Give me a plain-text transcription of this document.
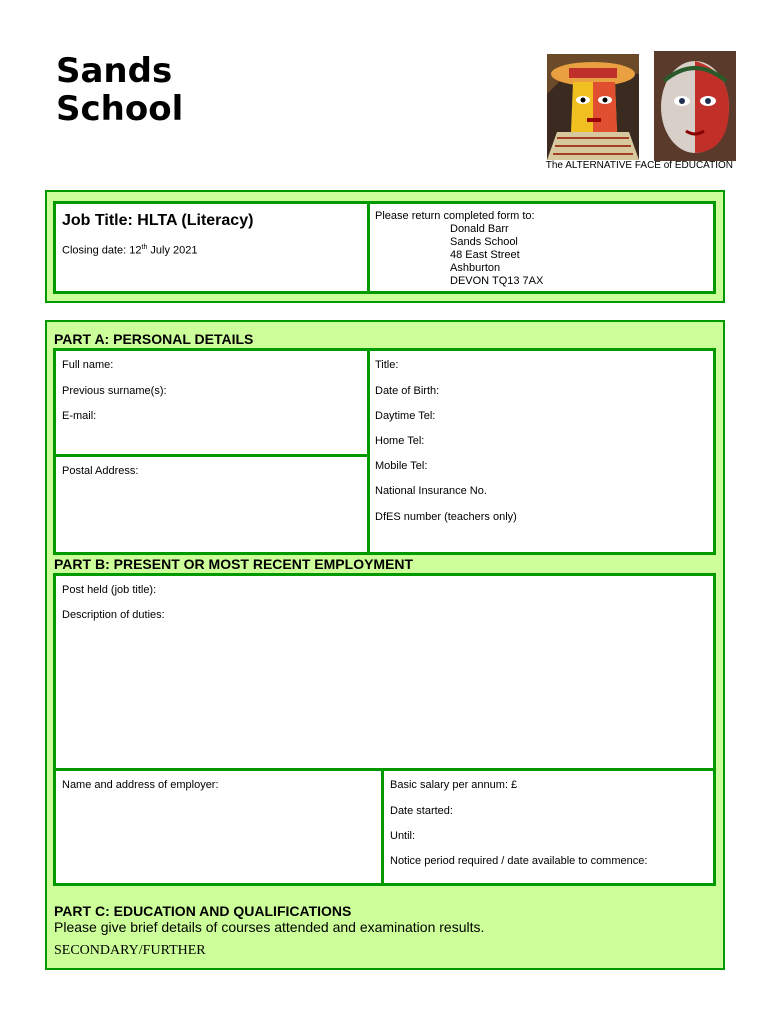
Sands
School
The ALTERNATIVE FACE of EDUCATION
Job Title: HLTA (Literacy)
Closing date: 12th July 2021
Please return completed form to:
Donald Barr
Sands School
48 East Street
Ashburton
DEVON TQ13 7AX
PART A: PERSONAL DETAILS
Full name:
Previous surname(s):
E-mail:
Postal Address:
Title:
Date of Birth:
Daytime Tel:
Home Tel:
Mobile Tel:
National Insurance No.
DfES number (teachers only)
PART B: PRESENT OR MOST RECENT EMPLOYMENT
Post held (job title):
Description of duties:
Name and address of employer:	Basic salary per annum: £
Date started:
Until:
Notice period required / date available to commence:
PART C: EDUCATION AND QUALIFICATIONS
Please give brief details of courses attended and examination results.
SECONDARY/FURTHER
